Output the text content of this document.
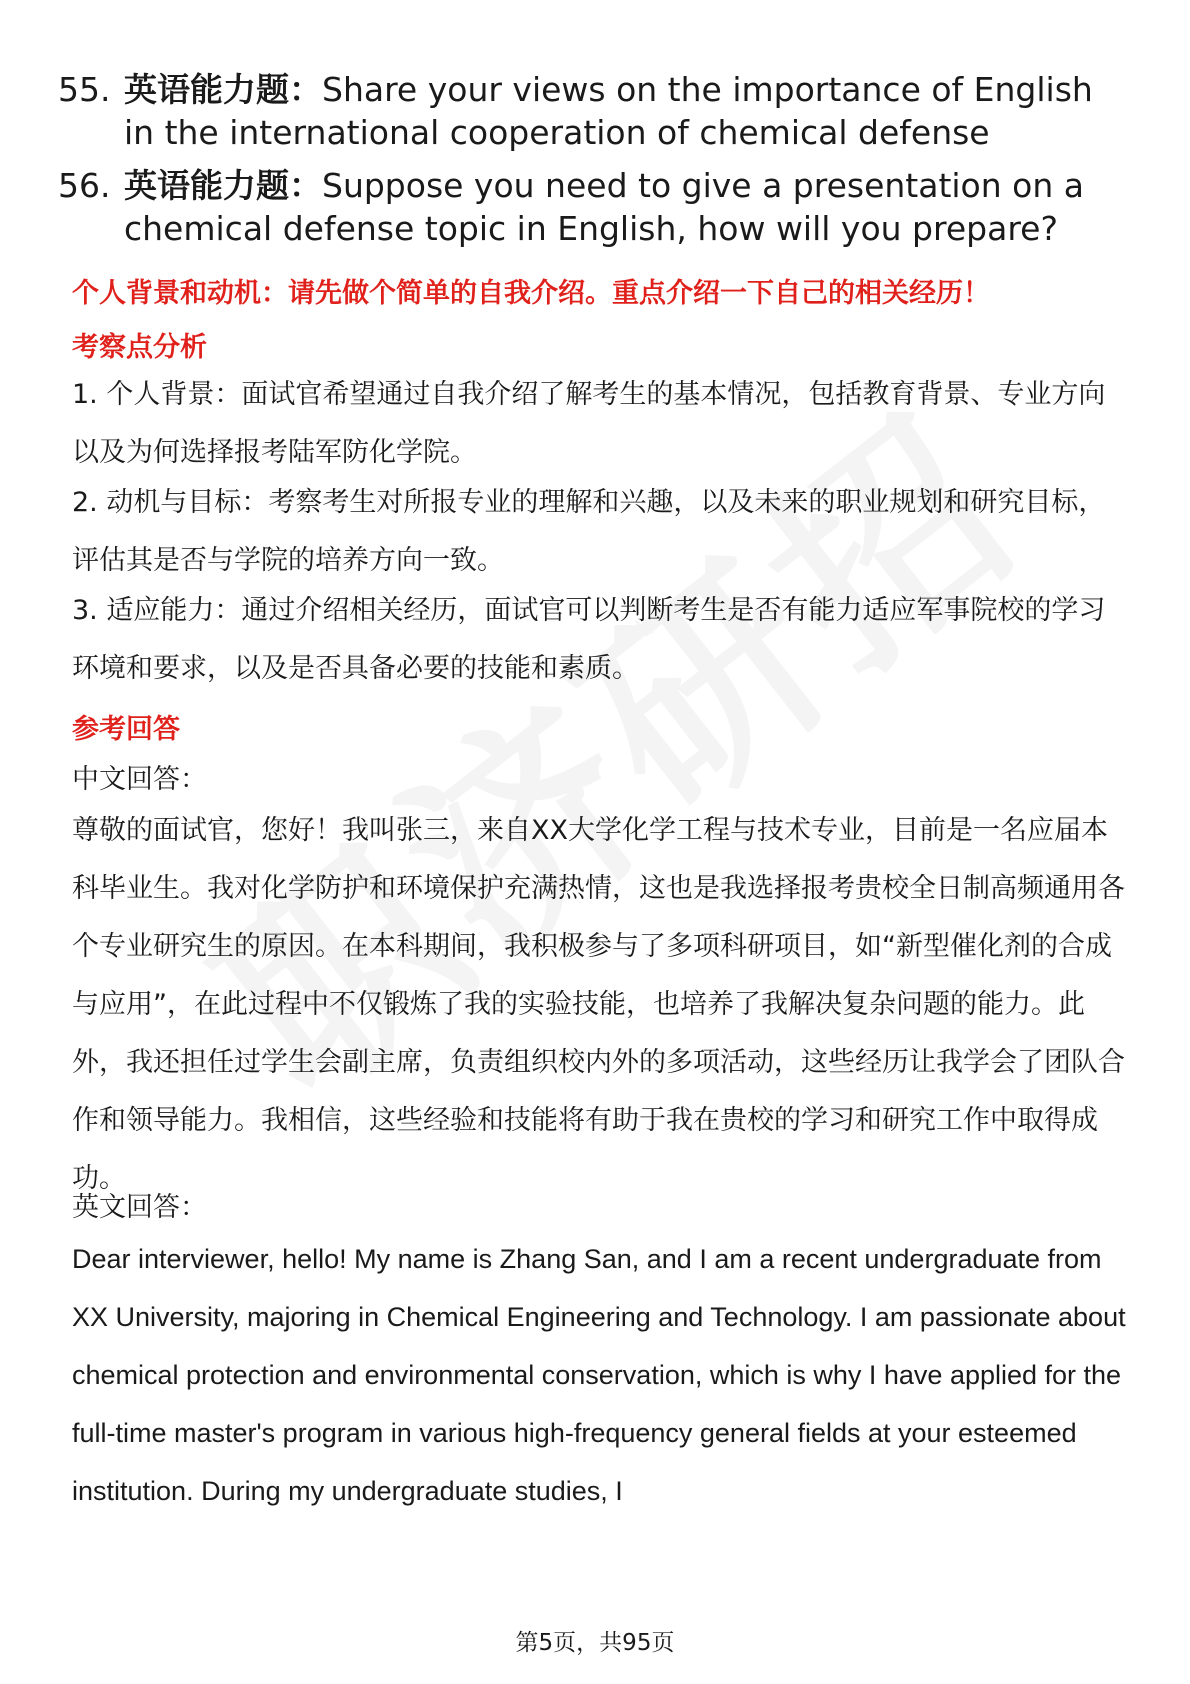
55. 英语能力题：Share your views on the importance of English in the international cooperation of chemical defense
56. 英语能力题：Suppose you need to give a presentation on a chemical defense topic in English, how will you prepare?
个人背景和动机：请先做个简单的自我介绍。重点介绍一下自己的相关经历！
考察点分析
1. 个人背景：面试官希望通过自我介绍了解考生的基本情况，包括教育背景、专业方向以及为何选择报考陆军防化学院。
2. 动机与目标：考察考生对所报专业的理解和兴趣，以及未来的职业规划和研究目标，评估其是否与学院的培养方向一致。
3. 适应能力：通过介绍相关经历，面试官可以判断考生是否有能力适应军事院校的学习环境和要求，以及是否具备必要的技能和素质。
参考回答
中文回答：
尊敬的面试官，您好！我叫张三，来自XX大学化学工程与技术专业，目前是一名应届本科毕业生。我对化学防护和环境保护充满热情，这也是我选择报考贵校全日制高频通用各个专业研究生的原因。在本科期间，我积极参与了多项科研项目，如“新型催化剂的合成与应用”，在此过程中不仅锻炼了我的实验技能，也培养了我解决复杂问题的能力。此外，我还担任过学生会副主席，负责组织校内外的多项活动，这些经历让我学会了团队合作和领导能力。我相信，这些经验和技能将有助于我在贵校的学习和研究工作中取得成功。
英文回答：
Dear interviewer, hello! My name is Zhang San, and I am a recent undergraduate from XX University, majoring in Chemical Engineering and Technology. I am passionate about chemical protection and environmental conservation, which is why I have applied for the full-time master's program in various high-frequency general fields at your esteemed institution. During my undergraduate studies, I
第5页，共95页
